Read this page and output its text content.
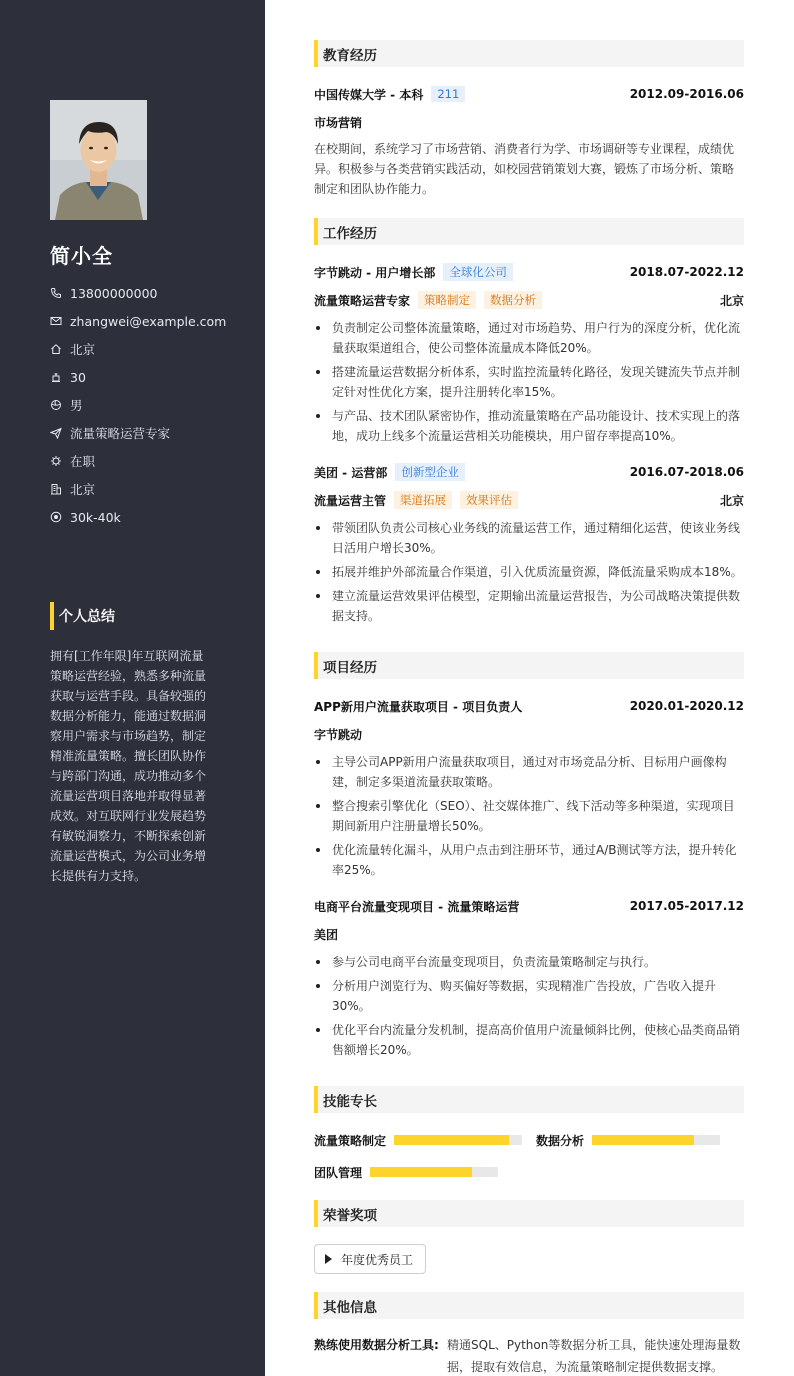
简小全
13800000000
zhangwei@example.com
北京
30
男
流量策略运营专家
在职
北京
30k-40k
个人总结
拥有[工作年限]年互联网流量策略运营经验，熟悉多种流量获取与运营手段。具备较强的数据分析能力，能通过数据洞察用户需求与市场趋势，制定精准流量策略。擅长团队协作与跨部门沟通，成功推动多个流量运营项目落地并取得显著成效。对互联网行业发展趋势有敏锐洞察力，不断探索创新流量运营模式，为公司业务增长提供有力支持。
教育经历
中国传媒大学 - 本科	211	2012.09-2016.06
市场营销
在校期间，系统学习了市场营销、消费者行为学、市场调研等专业课程，成绩优异。积极参与各类营销实践活动，如校园营销策划大赛，锻炼了市场分析、策略制定和团队协作能力。
工作经历
字节跳动 - 用户增长部	全球化公司	2018.07-2022.12
流量策略运营专家	策略制定	数据分析	北京
负责制定公司整体流量策略，通过对市场趋势、用户行为的深度分析，优化流量获取渠道组合，使公司整体流量成本降低20%。
搭建流量运营数据分析体系，实时监控流量转化路径，发现关键流失节点并制定针对性优化方案，提升注册转化率15%。
与产品、技术团队紧密协作，推动流量策略在产品功能设计、技术实现上的落地，成功上线多个流量运营相关功能模块，用户留存率提高10%。
美团 - 运营部	创新型企业	2016.07-2018.06
流量运营主管	渠道拓展	效果评估	北京
带领团队负责公司核心业务线的流量运营工作，通过精细化运营，使该业务线日活用户增长30%。
拓展并维护外部流量合作渠道，引入优质流量资源，降低流量采购成本18%。
建立流量运营效果评估模型，定期输出流量运营报告，为公司战略决策提供数据支持。
项目经历
APP新用户流量获取项目 - 项目负责人	2020.01-2020.12
字节跳动
主导公司APP新用户流量获取项目，通过对市场竞品分析、目标用户画像构建，制定多渠道流量获取策略。
整合搜索引擎优化（SEO）、社交媒体推广、线下活动等多种渠道，实现项目期间新用户注册量增长50%。
优化流量转化漏斗，从用户点击到注册环节，通过A/B测试等方法，提升转化率25%。
电商平台流量变现项目 - 流量策略运营	2017.05-2017.12
美团
参与公司电商平台流量变现项目，负责流量策略制定与执行。
分析用户浏览行为、购买偏好等数据，实现精准广告投放，广告收入提升30%。
优化平台内流量分发机制，提高高价值用户流量倾斜比例，使核心品类商品销售额增长20%。
技能专长
流量策略制定	数据分析
团队管理
荣誉奖项
年度优秀员工
其他信息
熟练使用数据分析工具: 精通SQL、Python等数据分析工具，能快速处理海量数据，提取有效信息，为流量策略制定提供数据支撑。
